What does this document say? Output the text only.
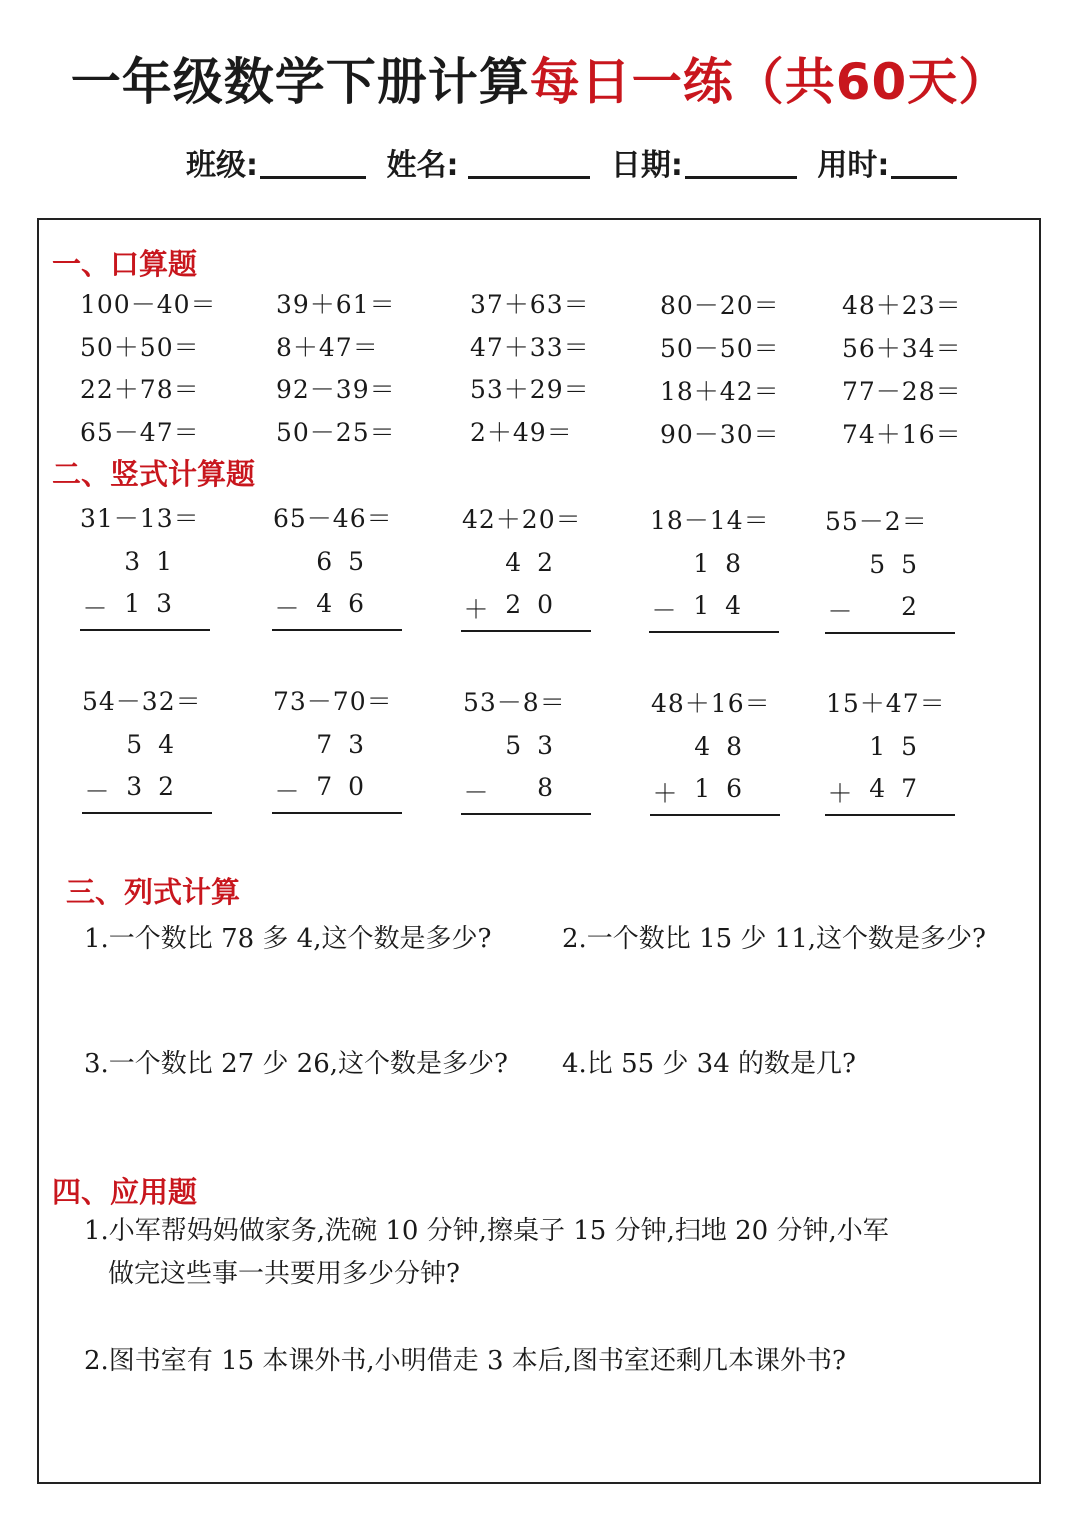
一年级数学下册计算每日一练（共60天）
班级:	姓名:	日期:	用时:
一、口算题
100－40＝ 39＋61＝	37＋63＝	80－20＝ 48＋23＝
50＋50＝	8＋47＝	47＋33＝	50－50＝ 56＋34＝
22＋78＝	92－39＝	53＋29＝	18＋42＝ 77－28＝
65－47＝	50－25＝	2＋49＝	90－30＝ 74＋16＝
二、竖式计算题
31－13＝
31
－ 13
65－46＝
65
－ 46
42＋20＝
42
＋ 20
18－14＝
18
－ 14
55－2＝
55
－ 2
54－32＝
54
－ 32
73－70＝
73
－ 70
53－8＝
53
－ 8
48＋16＝
48
＋ 16
15＋47＝
15
＋ 47
三、列式计算
1.一个数比 78 多 4,这个数是多少?	2.一个数比 15 少 11,这个数是多少?
3.一个数比 27 少 26,这个数是多少? 4.比 55 少 34 的数是几?
四、应用题
1.小军帮妈妈做家务,洗碗 10 分钟,擦桌子 15 分钟,扫地 20 分钟,小军
做完这些事一共要用多少分钟?
2.图书室有 15 本课外书,小明借走 3 本后,图书室还剩几本课外书?
